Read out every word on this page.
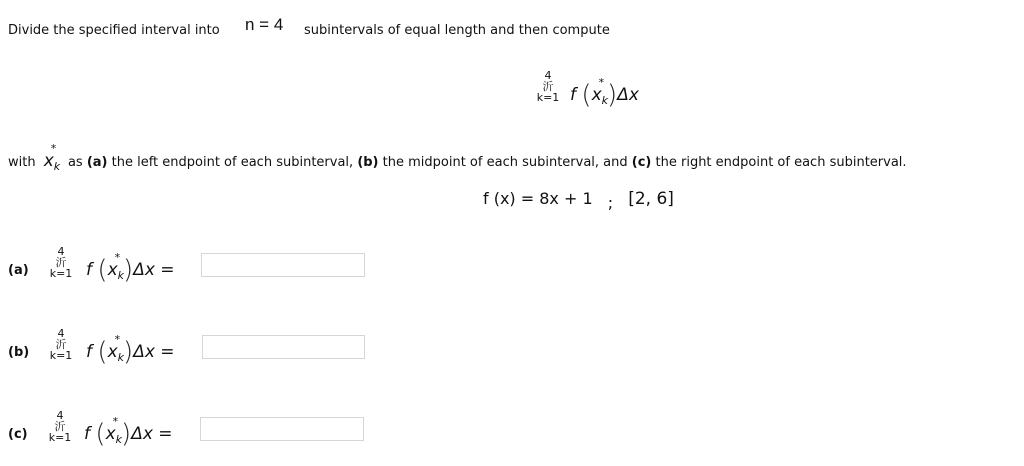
Divide the specified interval into n = 4 subintervals of equal length and then compute
4
沂
k=1 f (x
*
k )Δx
with x
*
k as (a) the left endpoint of each subinterval, (b) the midpoint of each subinterval, and (c) the right endpoint of each subinterval.
f (x) = 8x + 1 ; [2, 6]
(a)
4
沂
k=1 f (x
*
k )Δx =
(b)
4
沂
k=1 f (x
*
k )Δx =
(c)
4
沂
k=1 f (x
*
k )Δx =
